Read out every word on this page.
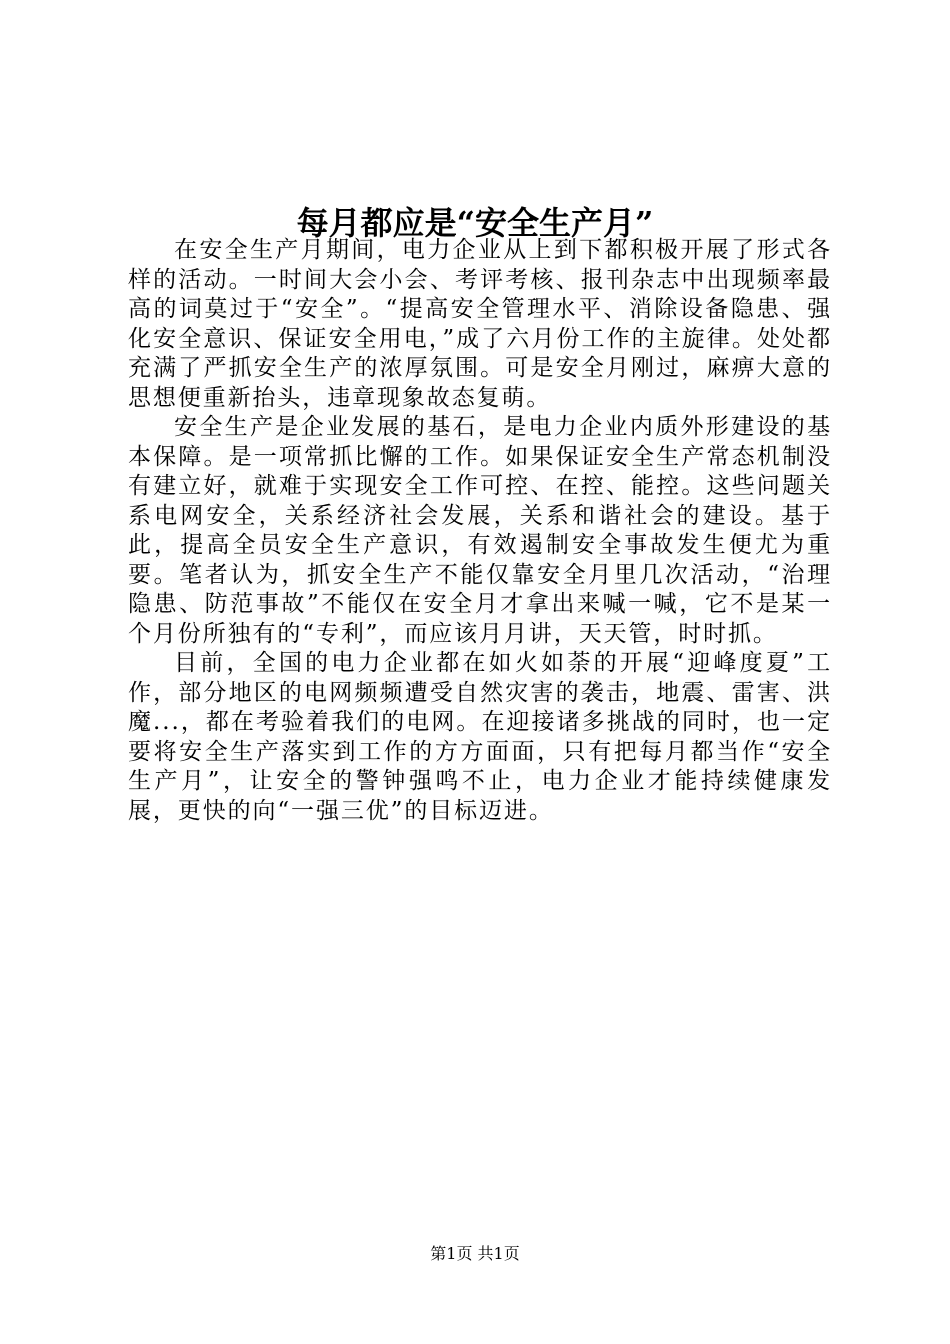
每月都应是“安全生产月”

在安全生产月期间，电力企业从上到下都积极开展了形式各样的活动。一时间大会小会、考评考核、报刊杂志中出现频率最高的词莫过于“安全”。“提高安全管理水平、消除设备隐患、强化安全意识、保证安全用电，”成了六月份工作的主旋律。处处都充满了严抓安全生产的浓厚氛围。可是安全月刚过，麻痹大意的思想便重新抬头，违章现象故态复萌。

安全生产是企业发展的基石，是电力企业内质外形建设的基本保障。是一项常抓比懈的工作。如果保证安全生产常态机制没有建立好，就难于实现安全工作可控、在控、能控。这些问题关系电网安全，关系经济社会发展，关系和谐社会的建设。基于此，提高全员安全生产意识，有效遏制安全事故发生便尤为重要。笔者认为，抓安全生产不能仅靠安全月里几次活动，“治理隐患、防范事故”不能仅在安全月才拿出来喊一喊，它不是某一个月份所独有的“专利”，而应该月月讲，天天管，时时抓。

目前，全国的电力企业都在如火如荼的开展“迎峰度夏”工作，部分地区的电网频频遭受自然灾害的袭击，地震、雷害、洪魔...，都在考验着我们的电网。在迎接诸多挑战的同时，也一定要将安全生产落实到工作的方方面面，只有把每月都当作“安全生产月”，让安全的警钟强鸣不止，电力企业才能持续健康发展，更快的向“一强三优”的目标迈进。

第1页 共1页
